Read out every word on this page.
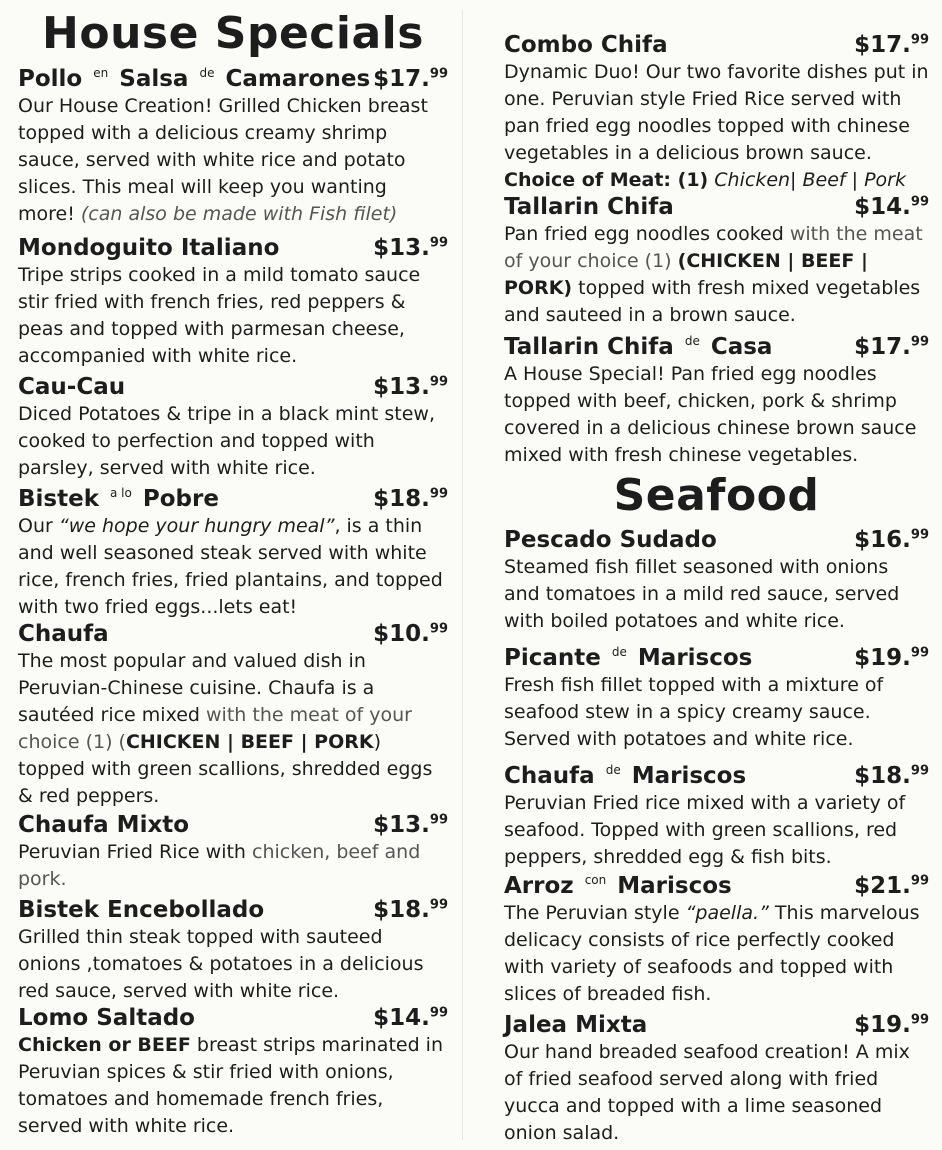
House Specials
Pollo $^{en}$ Salsa $^{de}$ Camarones $17.99
Our House Creation! Grilled Chicken breast topped with a delicious creamy shrimp sauce, served with white rice and potato slices. This meal will keep you wanting more! (can also be made with Fish filet)
Mondoguito Italiano	$13.99
Tripe strips cooked in a mild tomato sauce stir fried with french fries, red peppers & peas and topped with parmesan cheese, accompanied with white rice.
Cau-Cau	$13.99
Diced Potatoes & tripe in a black mint stew, cooked to perfection and topped with parsley, served with white rice.
Bistek $^{a lo}$ Pobre	$18.99
Our “we hope your hungry meal”, is a thin and well seasoned steak served with white rice, french fries, fried plantains, and topped with two fried eggs...lets eat!
Chaufa	$10.99
The most popular and valued dish in Peruvian-Chinese cuisine. Chaufa is a sautéed rice mixed with the meat of your choice (1) (CHICKEN | BEEF | PORK) topped with green scallions, shredded eggs & red peppers.
Chaufa Mixto	$13.99
Peruvian Fried Rice with chicken, beef and pork.
Bistek Encebollado	$18.99
Grilled thin steak topped with sauteed onions ,tomatoes & potatoes in a delicious red sauce, served with white rice.
Lomo Saltado	$14.99
Chicken or BEEF breast strips marinated in Peruvian spices & stir fried with onions, tomatoes and homemade french fries, served with white rice.
Combo Chifa	$17.99
Dynamic Duo! Our two favorite dishes put in one. Peruvian style Fried Rice served with pan fried egg noodles topped with chinese vegetables in a delicious brown sauce.
Choice of Meat: (1) Chicken| Beef | Pork
Tallarin Chifa	$14.99
Pan fried egg noodles cooked with the meat of your choice (1) (CHICKEN | BEEF | PORK) topped with fresh mixed vegetables and sauteed in a brown sauce.
Tallarin Chifa $^{de}$ Casa	$17.99
A House Special! Pan fried egg noodles topped with beef, chicken, pork & shrimp covered in a delicious chinese brown sauce mixed with fresh chinese vegetables.
Seafood
Pescado Sudado	$16.99
Steamed fish fillet seasoned with onions and tomatoes in a mild red sauce, served with boiled potatoes and white rice.
Picante $^{de}$ Mariscos	$19.99
Fresh fish fillet topped with a mixture of seafood stew in a spicy creamy sauce. Served with potatoes and white rice.
Chaufa $^{de}$ Mariscos	$18.99
Peruvian Fried rice mixed with a variety of seafood. Topped with green scallions, red peppers, shredded egg & fish bits.
Arroz $^{con}$ Mariscos	$21.99
The Peruvian style “paella.” This marvelous delicacy consists of rice perfectly cooked with variety of seafoods and topped with slices of breaded fish.
Jalea Mixta	$19.99
Our hand breaded seafood creation! A mix of fried seafood served along with fried yucca and topped with a lime seasoned onion salad.
